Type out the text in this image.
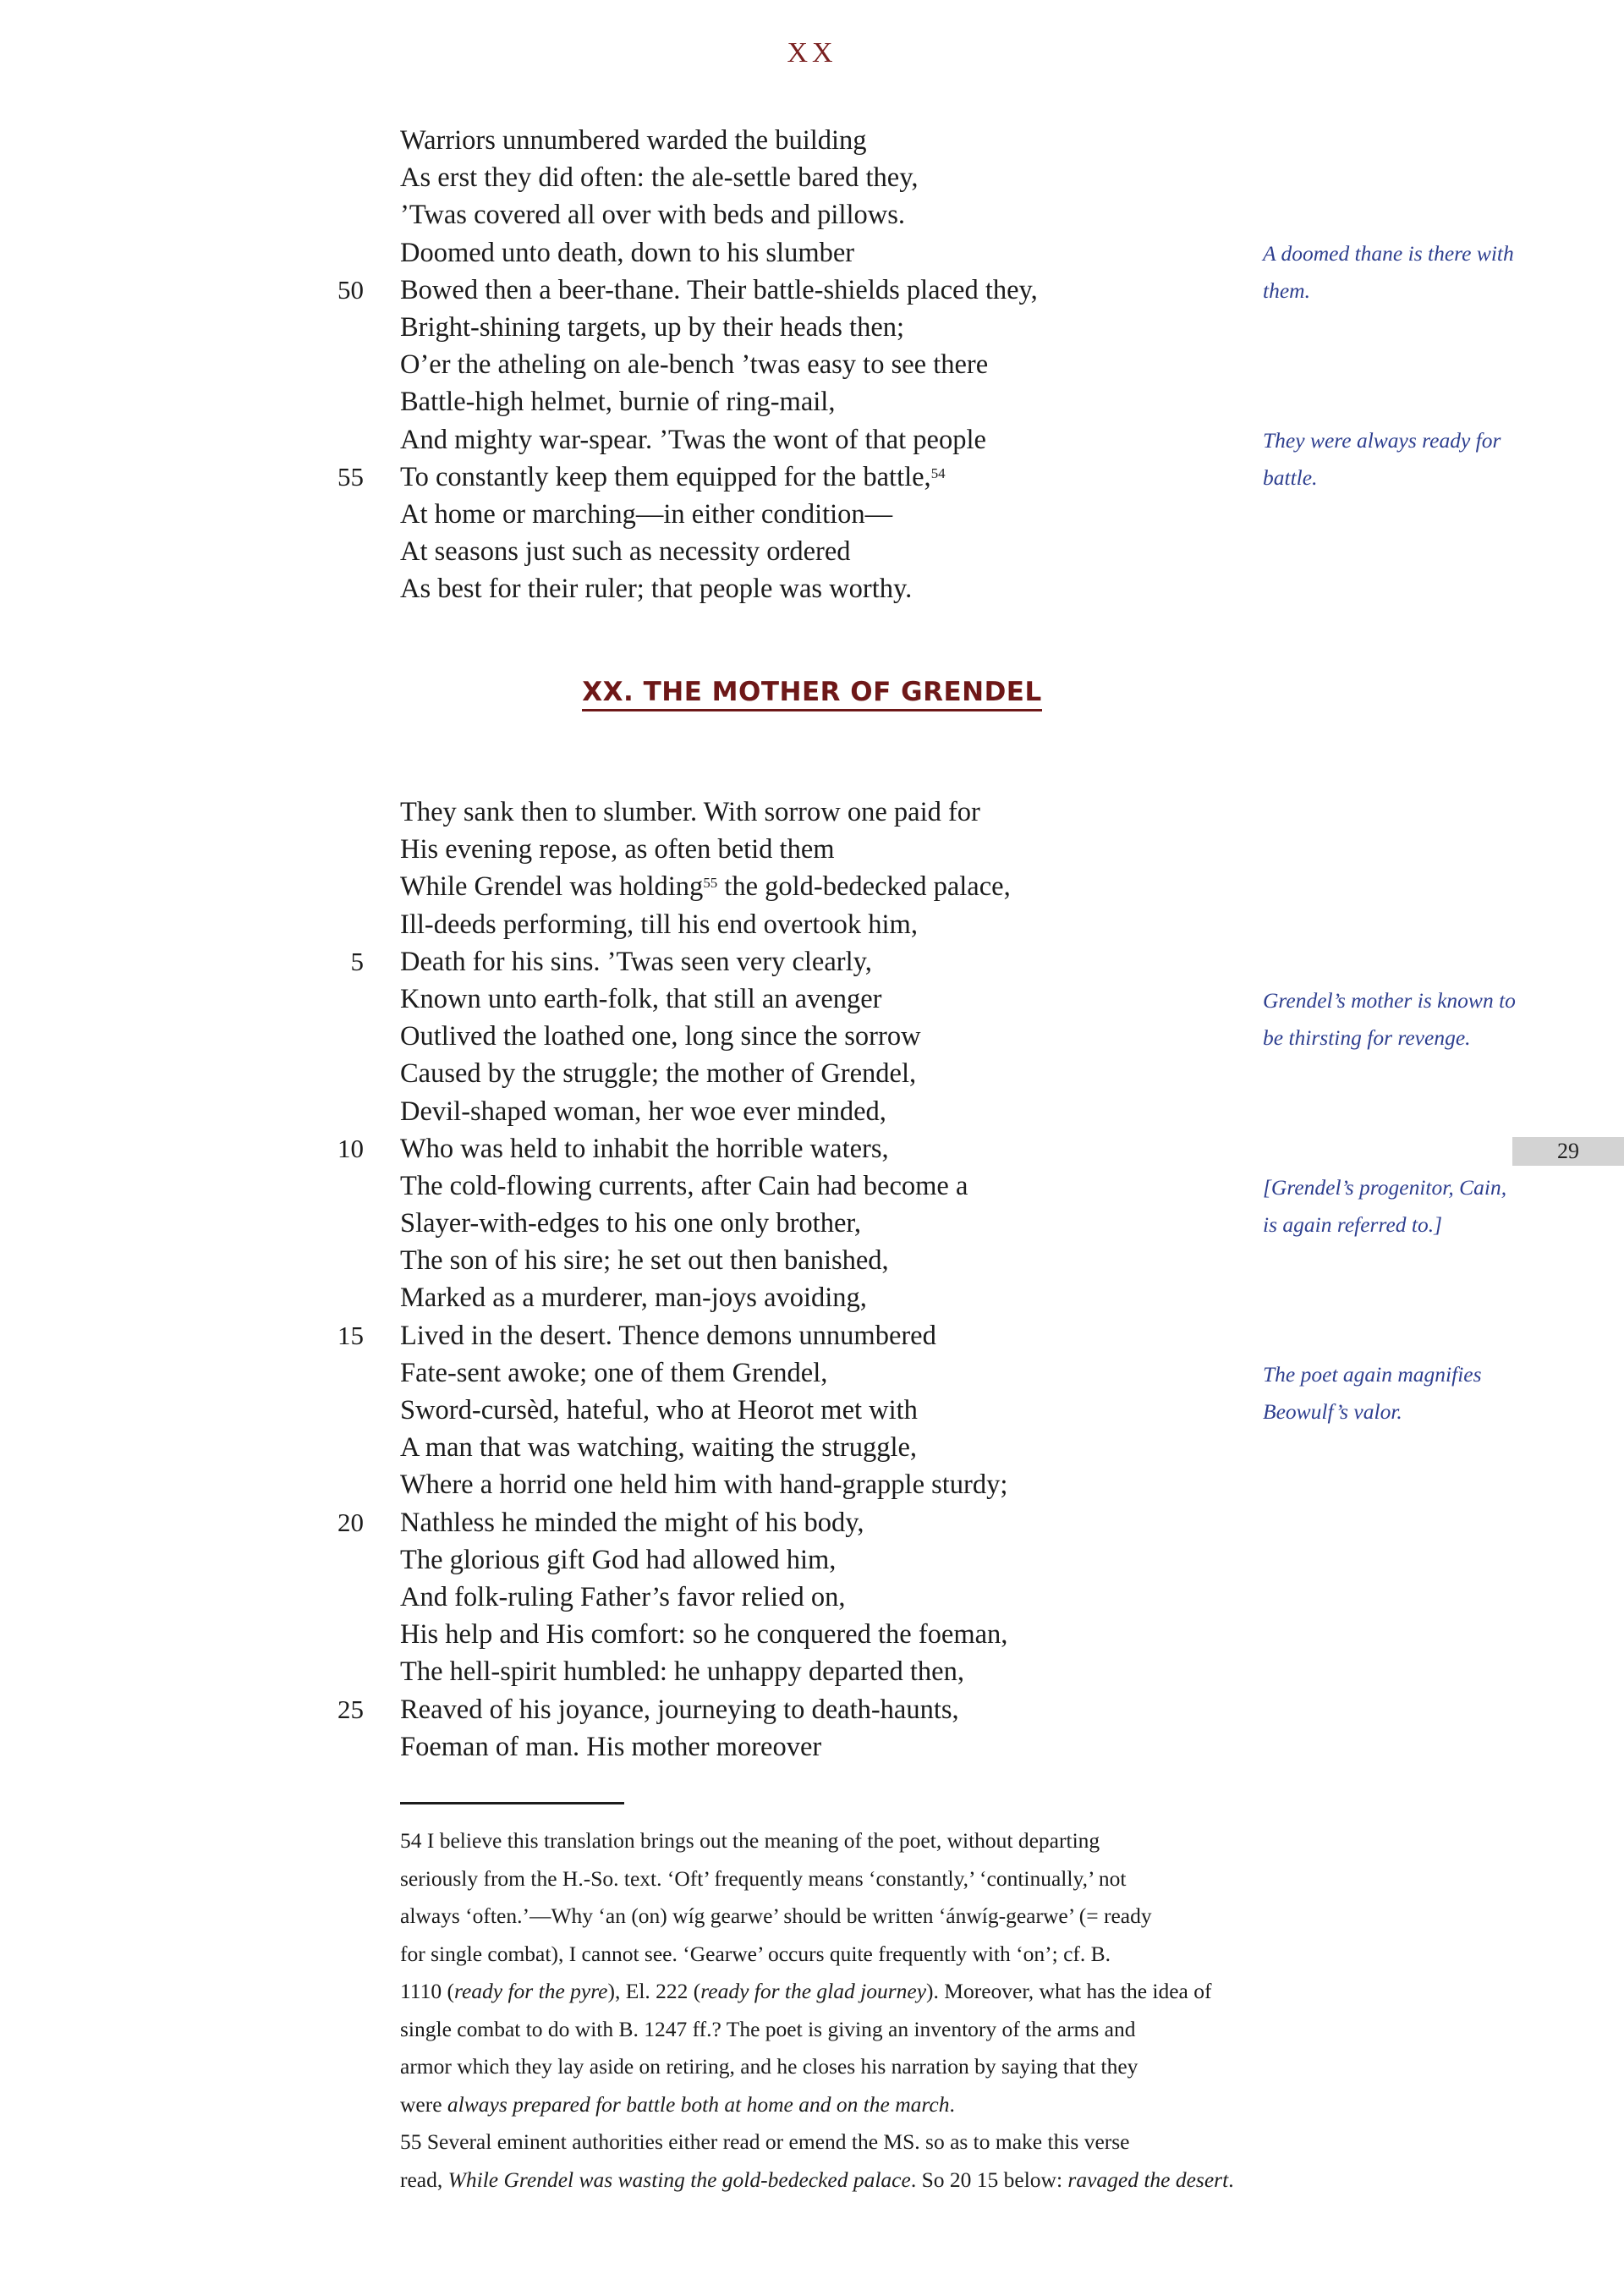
XX
Warriors unnumbered warded the building
As erst they did often: the ale-settle bared they,
’Twas covered all over with beds and pillows.
Doomed unto death, down to his slumber
50 Bowed then a beer-thane. Their battle-shields placed they,
Bright-shining targets, up by their heads then;
O’er the atheling on ale-bench ’twas easy to see there
Battle-high helmet, burnie of ring-mail,
And mighty war-spear. ’Twas the wont of that people
55 To constantly keep them equipped for the battle,$^{54}$
At home or marching—in either condition—
At seasons just such as necessity ordered
As best for their ruler; that people was worthy.
XX. THE MOTHER OF GRENDEL
They sank then to slumber. With sorrow one paid for
His evening repose, as often betid them
While Grendel was holding$^{55}$ the gold-bedecked palace,
Ill-deeds performing, till his end overtook him,
5 Death for his sins. ’Twas seen very clearly,
Known unto earth-folk, that still an avenger
Outlived the loathed one, long since the sorrow
Caused by the struggle; the mother of Grendel,
Devil-shaped woman, her woe ever minded,
10 Who was held to inhabit the horrible waters,
The cold-flowing currents, after Cain had become a
Slayer-with-edges to his one only brother,
The son of his sire; he set out then banished,
Marked as a murderer, man-joys avoiding,
15 Lived in the desert. Thence demons unnumbered
Fate-sent awoke; one of them Grendel,
Sword-cursèd, hateful, who at Heorot met with
A man that was watching, waiting the struggle,
Where a horrid one held him with hand-grapple sturdy;
20 Nathless he minded the might of his body,
The glorious gift God had allowed him,
And folk-ruling Father’s favor relied on,
His help and His comfort: so he conquered the foeman,
The hell-spirit humbled: he unhappy departed then,
25 Reaved of his joyance, journeying to death-haunts,
Foeman of man. His mother moreover
A doomed thane is there with
them.
They were always ready for
battle.
Grendel’s mother is known to
be thirsting for revenge.
[Grendel’s progenitor, Cain,
is again referred to.]
The poet again magnifies
Beowulf’s valor.
29
54 I believe this translation brings out the meaning of the poet, without departing
seriously from the H.-So. text. ‘Oft’ frequently means ‘constantly,’ ‘continually,’ not
always ‘often.’—Why ‘an (on) wíg gearwe’ should be written ‘ánwíg-gearwe’ (= ready
for single combat), I cannot see. ‘Gearwe’ occurs quite frequently with ‘on’; cf. B.
1110 (ready for the pyre), El. 222 (ready for the glad journey). Moreover, what has the idea of
single combat to do with B. 1247 ff.? The poet is giving an inventory of the arms and
armor which they lay aside on retiring, and he closes his narration by saying that they
were always prepared for battle both at home and on the march.
55 Several eminent authorities either read or emend the MS. so as to make this verse
read, While Grendel was wasting the gold-bedecked palace. So 20 15 below: ravaged the desert.
